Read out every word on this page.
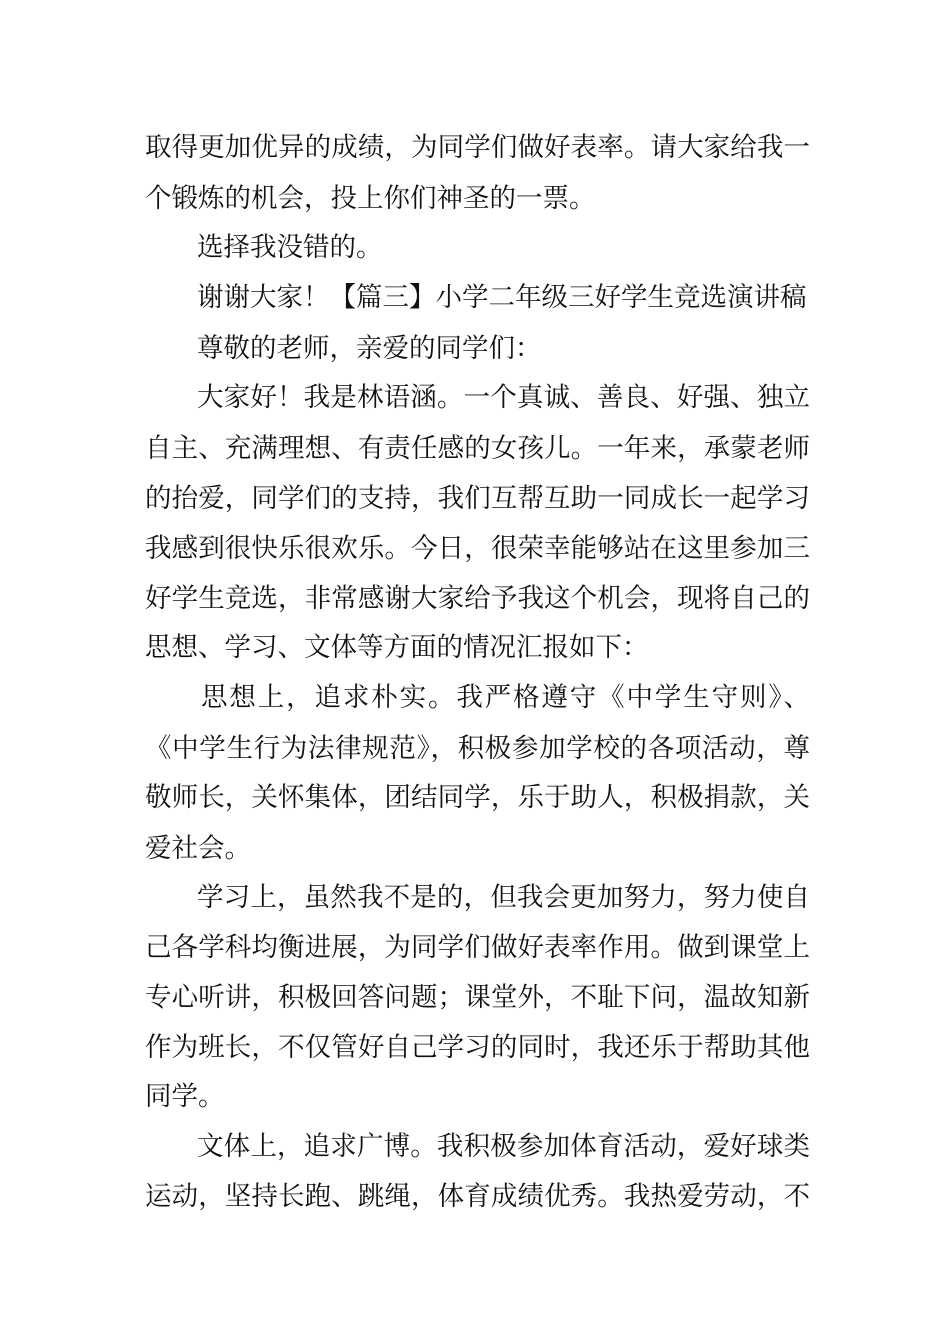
取得更加优异的成绩，为同学们做好表率。请大家给我一
个锻炼的机会，投上你们神圣的一票。
选择我没错的。
谢谢大家！【篇三】小学二年级三好学生竞选演讲稿
尊敬的老师，亲爱的同学们：
大家好！我是林语涵。一个真诚、善良、好强、独立
自主、充满理想、有责任感的女孩儿。一年来，承蒙老师
的抬爱，同学们的支持，我们互帮互助一同成长一起学习
我感到很快乐很欢乐。今日，很荣幸能够站在这里参加三
好学生竞选，非常感谢大家给予我这个机会，现将自己的
思想、学习、文体等方面的情况汇报如下：
思想上，追求朴实。我严格遵守《中学生守则》、
《中学生行为法律规范》，积极参加学校的各项活动，尊
敬师长，关怀集体，团结同学，乐于助人，积极捐款，关
爱社会。
学习上，虽然我不是的，但我会更加努力，努力使自
己各学科均衡进展，为同学们做好表率作用。做到课堂上
专心听讲，积极回答问题；课堂外，不耻下问，温故知新
作为班长，不仅管好自己学习的同时，我还乐于帮助其他
同学。
文体上，追求广博。我积极参加体育活动，爱好球类
运动，坚持长跑、跳绳，体育成绩优秀。我热爱劳动，不
